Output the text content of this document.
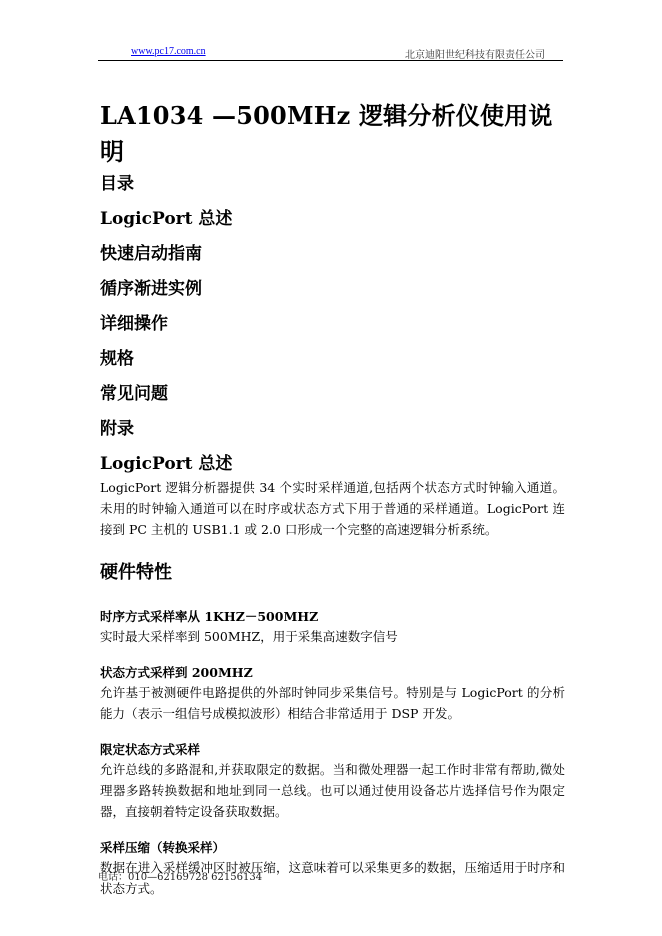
www.pc17.com.cn	北京迪阳世纪科技有限责任公司
LA1034 —500MHz 逻辑分析仪使用说明
目录
LogicPort 总述
快速启动指南
循序渐进实例
详细操作
规格
常见问题
附录
LogicPort 总述

LogicPort 逻辑分析器提供 34 个实时采样通道,包括两个状态方式时钟输入通道。未用的时钟输入通道可以在时序或状态方式下用于普通的采样通道。LogicPort 连接到 PC 主机的 USB1.1 或 2.0 口形成一个完整的高速逻辑分析系统。

硬件特性
时序方式采样率从 1KHZ－500MHZ
实时最大采样率到 500MHZ，用于采集高速数字信号
状态方式采样到 200MHZ
允许基于被测硬件电路提供的外部时钟同步采集信号。特别是与 LogicPort 的分析能力（表示一组信号成模拟波形）相结合非常适用于 DSP 开发。
限定状态方式采样
允许总线的多路混和,并获取限定的数据。当和微处理器一起工作时非常有帮助,微处理器多路转换数据和地址到同一总线。也可以通过使用设备芯片选择信号作为限定器，直接朝着特定设备获取数据。
采样压缩（转换采样）
数据在进入采样缓冲区时被压缩，这意味着可以采集更多的数据，压缩适用于时序和状态方式。
电话：010—62169728 62156134
